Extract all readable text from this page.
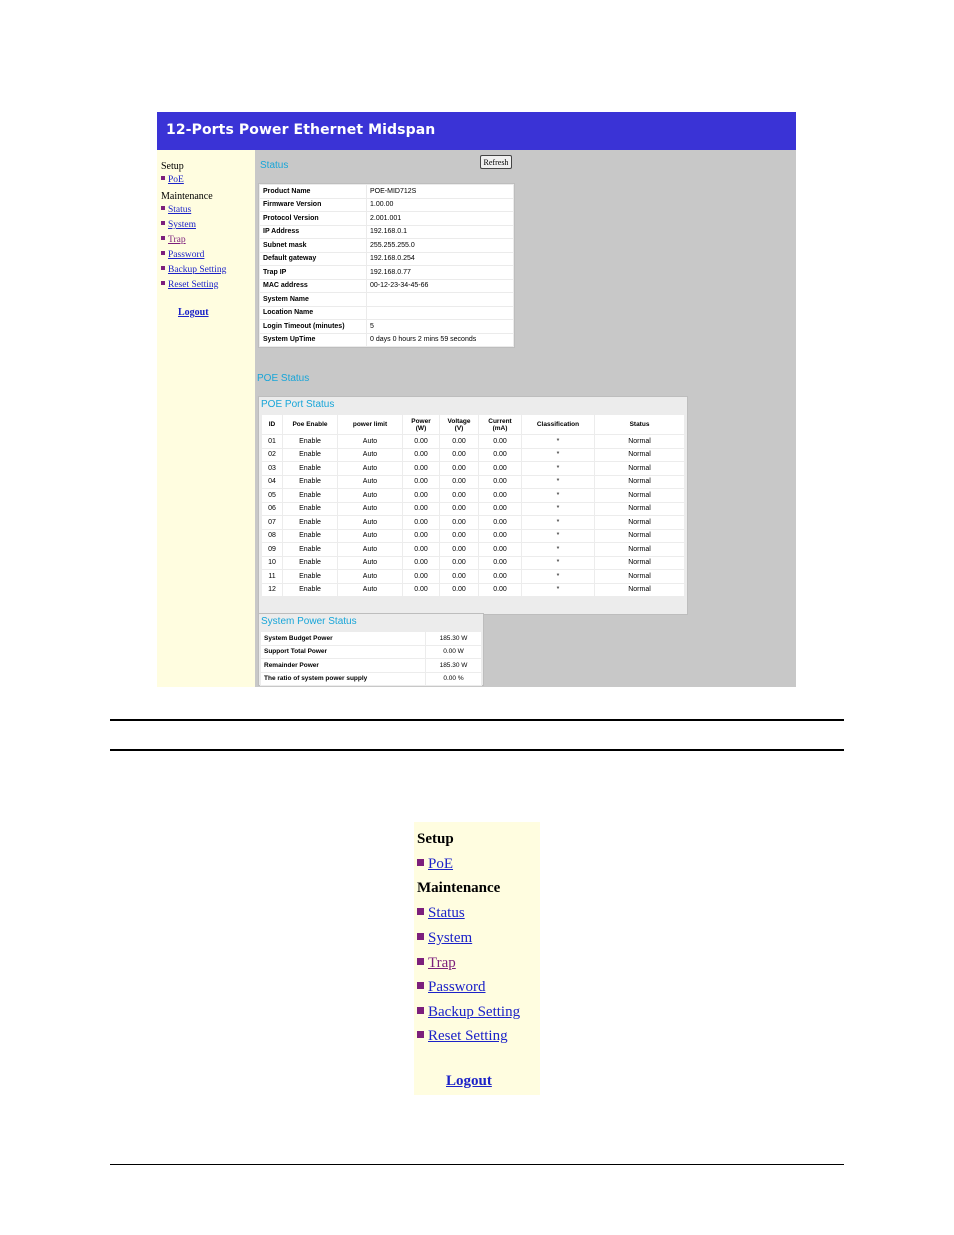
12-Ports Power Ethernet Midspan
Setup
PoE
Maintenance
Status
System
Trap
Password
Backup Setting
Reset Setting
Logout
Status	Refresh
Product Name	POE-MID712S
Firmware Version	1.00.00
Protocol Version	2.001.001
IP Address	192.168.0.1
Subnet mask	255.255.255.0
Default gateway	192.168.0.254
Trap IP	192.168.0.77
MAC address	00-12-23-34-45-66
System Name	
Location Name	
Login Timeout (minutes)	5
System UpTime	0 days 0 hours 2 mins 59 seconds
POE Status
POE Port Status
ID	Poe Enable	power limit	Power (W)	Voltage (V)	Current (mA)	Classification	Status
01	Enable	Auto	0.00	0.00	0.00	*	Normal
02	Enable	Auto	0.00	0.00	0.00	*	Normal
03	Enable	Auto	0.00	0.00	0.00	*	Normal
04	Enable	Auto	0.00	0.00	0.00	*	Normal
05	Enable	Auto	0.00	0.00	0.00	*	Normal
06	Enable	Auto	0.00	0.00	0.00	*	Normal
07	Enable	Auto	0.00	0.00	0.00	*	Normal
08	Enable	Auto	0.00	0.00	0.00	*	Normal
09	Enable	Auto	0.00	0.00	0.00	*	Normal
10	Enable	Auto	0.00	0.00	0.00	*	Normal
11	Enable	Auto	0.00	0.00	0.00	*	Normal
12	Enable	Auto	0.00	0.00	0.00	*	Normal
System Power Status
System Budget Power	185.30 W
Support Total Power	0.00 W
Remainder Power	185.30 W
The ratio of system power supply	0.00 %
Setup
PoE
Maintenance
Status
System
Trap
Password
Backup Setting
Reset Setting
Logout
